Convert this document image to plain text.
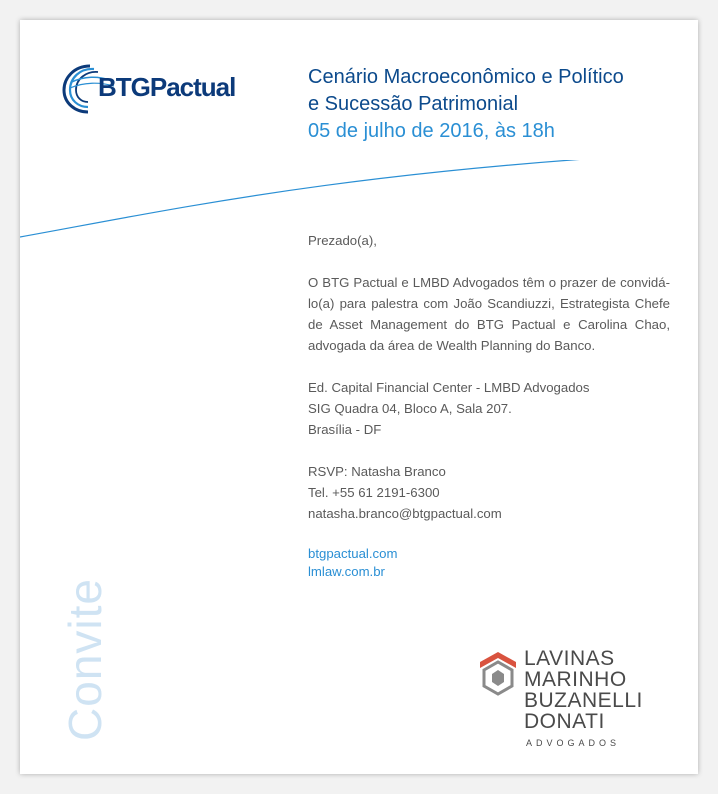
BTGPactual	Cenário Macroeconômico e Político

e Sucessão Patrimonial

05 de julho de 2016, às 18h

Prezado(a),

O BTG Pactual e LMBD Advogados têm o prazer de convidá-lo(a) para palestra com João Scandiuzzi, Estrategista Chefe de Asset Management do BTG Pactual e Carolina Chao, advogada da área de Wealth Planning do Banco.

Ed. Capital Financial Center - LMBD Advogados

SIG Quadra 04, Bloco A, Sala 207.

Brasília - DF

RSVP: Natasha Branco

Tel. +55 61 2191-6300

natasha.branco@btgpactual.com

btgpactual.com

lmlaw.com.br

Convite	LAVINAS
MARINHO
BUZANELLI
DONATI
ADVOGADOS
